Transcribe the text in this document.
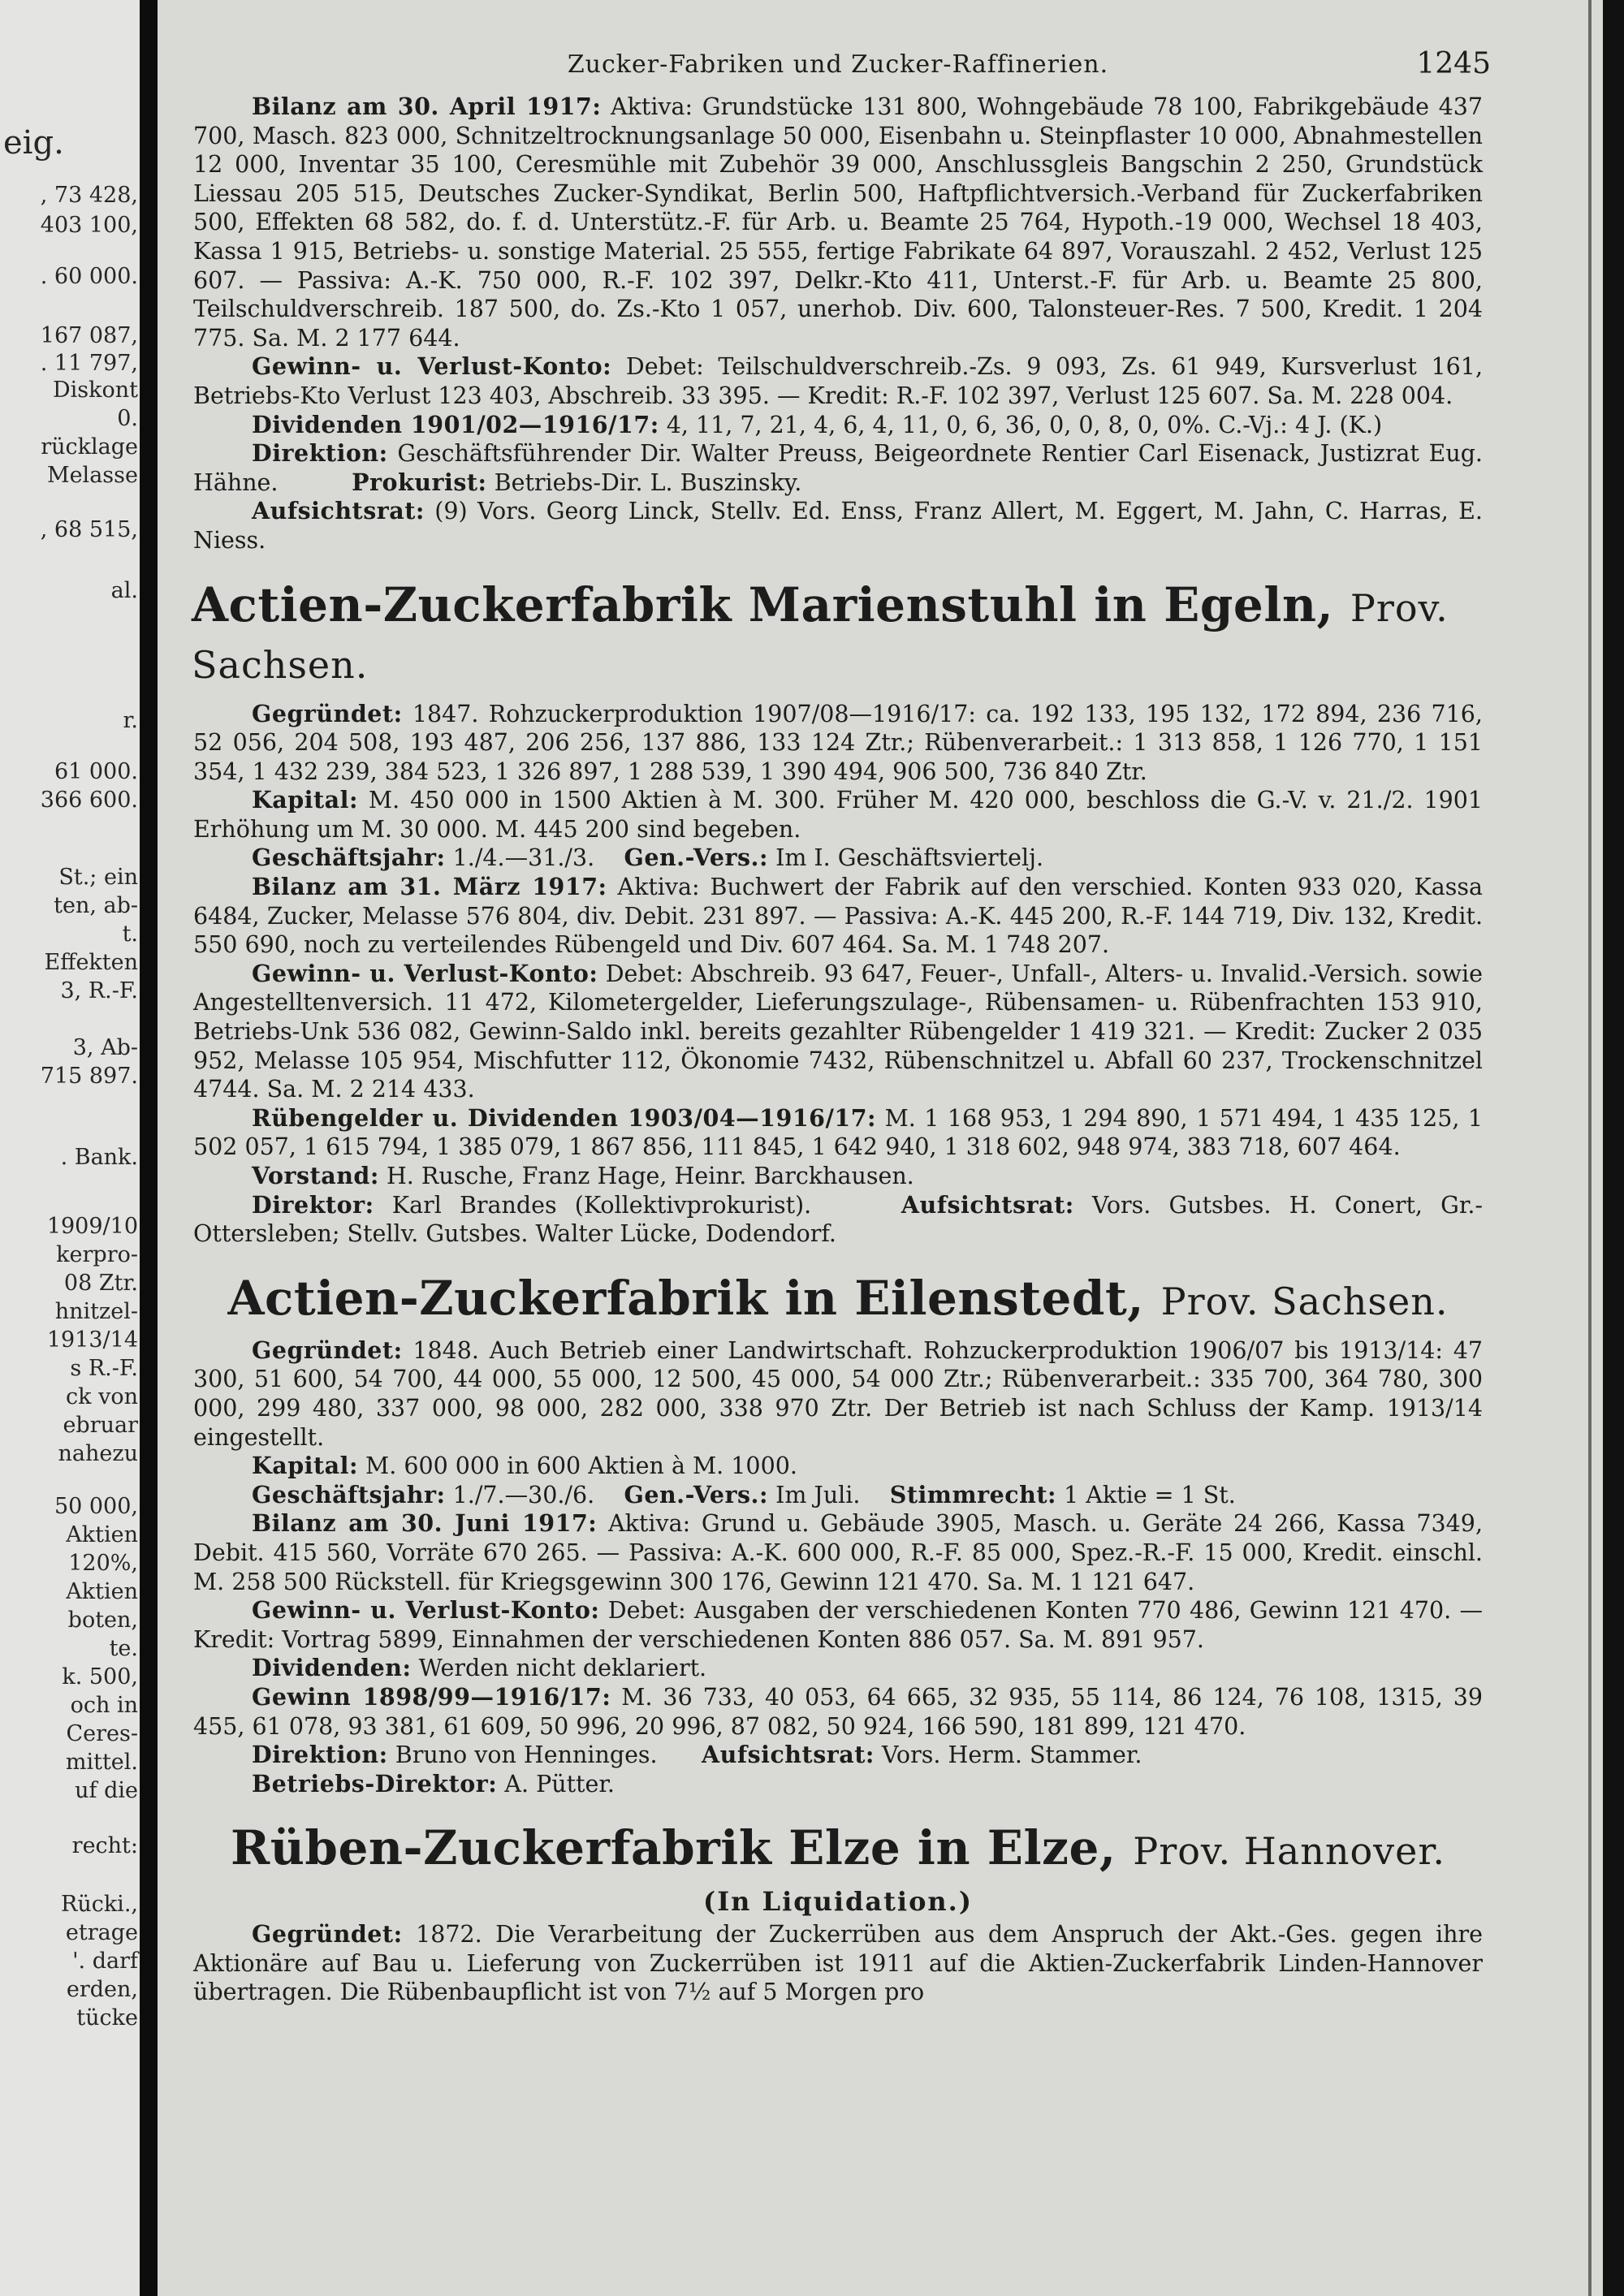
eig.
, 73 428,
403 100,
. 60 000.
167 087,
. 11 797,
Diskont
0.
rücklage
Melasse
, 68 515,
al.
r.
61 000.
366 600.
St.; ein
ten, ab-
t.
Effekten
3, R.-F.
3, Ab-
715 897.
. Bank.
1909/10
kerpro-
08 Ztr.
hnitzel-
1913/14
s R.-F.
ck von
ebruar
nahezu
50 000,
Aktien
120%,
Aktien
boten,
te.
k. 500,
och in
Ceres-
mittel.
uf die
recht:
Rücki.,
etrage
'. darf
erden,
tücke
Zucker-Fabriken und Zucker-Raffinerien.	1245

Bilanz am 30. April 1917: Aktiva: Grundstücke 131 800, Wohngebäude 78 100, Fabrikgebäude 437 700, Masch. 823 000, Schnitzeltrocknungsanlage 50 000, Eisenbahn u. Steinpflaster 10 000, Abnahmestellen 12 000, Inventar 35 100, Ceresmühle mit Zubehör 39 000, Anschlussgleis Bangschin 2 250, Grundstück Liessau 205 515, Deutsches Zucker-Syndikat, Berlin 500, Haftpflichtversich.-Verband für Zuckerfabriken 500, Effekten 68 582, do. f. d. Unterstütz.-F. für Arb. u. Beamte 25 764, Hypoth.-19 000, Wechsel 18 403, Kassa 1 915, Betriebs- u. sonstige Material. 25 555, fertige Fabrikate 64 897, Vorauszahl. 2 452, Verlust 125 607. — Passiva: A.-K. 750 000, R.-F. 102 397, Delkr.-Kto 411, Unterst.-F. für Arb. u. Beamte 25 800, Teilschuldverschreib. 187 500, do. Zs.-Kto 1 057, unerhob. Div. 600, Talonsteuer-Res. 7 500, Kredit. 1 204 775. Sa. M. 2 177 644.

Gewinn- u. Verlust-Konto: Debet: Teilschuldverschreib.-Zs. 9 093, Zs. 61 949, Kursverlust 161, Betriebs-Kto Verlust 123 403, Abschreib. 33 395. — Kredit: R.-F. 102 397, Verlust 125 607. Sa. M. 228 004.

Dividenden 1901/02—1916/17: 4, 11, 7, 21, 4, 6, 4, 11, 0, 6, 36, 0, 0, 8, 0, 0%. C.-Vj.: 4 J. (K.)

Direktion: Geschäftsführender Dir. Walter Preuss, Beigeordnete Rentier Carl Eisenack, Justizrat Eug. Hähne.	Prokurist: Betriebs-Dir. L. Buszinsky.

Aufsichtsrat: (9) Vors. Georg Linck, Stellv. Ed. Enss, Franz Allert, M. Eggert, M. Jahn, C. Harras, E. Niess.

Actien-Zuckerfabrik Marienstuhl in Egeln, Prov. Sachsen.

Gegründet: 1847. Rohzuckerproduktion 1907/08—1916/17: ca. 192 133, 195 132, 172 894, 236 716, 52 056, 204 508, 193 487, 206 256, 137 886, 133 124 Ztr.; Rübenverarbeit.: 1 313 858, 1 126 770, 1 151 354, 1 432 239, 384 523, 1 326 897, 1 288 539, 1 390 494, 906 500, 736 840 Ztr.

Kapital: M. 450 000 in 1500 Aktien à M. 300. Früher M. 420 000, beschloss die G.-V. v. 21./2. 1901 Erhöhung um M. 30 000. M. 445 200 sind begeben.

Geschäftsjahr: 1./4.—31./3. Gen.-Vers.: Im I. Geschäftsviertelj.

Bilanz am 31. März 1917: Aktiva: Buchwert der Fabrik auf den verschied. Konten 933 020, Kassa 6484, Zucker, Melasse 576 804, div. Debit. 231 897. — Passiva: A.-K. 445 200, R.-F. 144 719, Div. 132, Kredit. 550 690, noch zu verteilendes Rübengeld und Div. 607 464. Sa. M. 1 748 207.

Gewinn- u. Verlust-Konto: Debet: Abschreib. 93 647, Feuer-, Unfall-, Alters- u. Invalid.-Versich. sowie Angestelltenversich. 11 472, Kilometergelder, Lieferungszulage-, Rübensamen- u. Rübenfrachten 153 910, Betriebs-Unk 536 082, Gewinn-Saldo inkl. bereits gezahlter Rübengelder 1 419 321. — Kredit: Zucker 2 035 952, Melasse 105 954, Mischfutter 112, Ökonomie 7432, Rübenschnitzel u. Abfall 60 237, Trockenschnitzel 4744. Sa. M. 2 214 433.

Rübengelder u. Dividenden 1903/04—1916/17: M. 1 168 953, 1 294 890, 1 571 494, 1 435 125, 1 502 057, 1 615 794, 1 385 079, 1 867 856, 111 845, 1 642 940, 1 318 602, 948 974, 383 718, 607 464.

Vorstand: H. Rusche, Franz Hage, Heinr. Barckhausen.

Direktor: Karl Brandes (Kollektivprokurist).	Aufsichtsrat: Vors. Gutsbes. H. Conert, Gr.-Ottersleben; Stellv. Gutsbes. Walter Lücke, Dodendorf.

Actien-Zuckerfabrik in Eilenstedt, Prov. Sachsen.

Gegründet: 1848. Auch Betrieb einer Landwirtschaft. Rohzuckerproduktion 1906/07 bis 1913/14: 47 300, 51 600, 54 700, 44 000, 55 000, 12 500, 45 000, 54 000 Ztr.; Rübenverarbeit.: 335 700, 364 780, 300 000, 299 480, 337 000, 98 000, 282 000, 338 970 Ztr. Der Betrieb ist nach Schluss der Kamp. 1913/14 eingestellt.

Kapital: M. 600 000 in 600 Aktien à M. 1000.

Geschäftsjahr: 1./7.—30./6. Gen.-Vers.: Im Juli. Stimmrecht: 1 Aktie = 1 St.

Bilanz am 30. Juni 1917: Aktiva: Grund u. Gebäude 3905, Masch. u. Geräte 24 266, Kassa 7349, Debit. 415 560, Vorräte 670 265. — Passiva: A.-K. 600 000, R.-F. 85 000, Spez.-R.-F. 15 000, Kredit. einschl. M. 258 500 Rückstell. für Kriegsgewinn 300 176, Gewinn 121 470. Sa. M. 1 121 647.

Gewinn- u. Verlust-Konto: Debet: Ausgaben der verschiedenen Konten 770 486, Gewinn 121 470. — Kredit: Vortrag 5899, Einnahmen der verschiedenen Konten 886 057. Sa. M. 891 957.

Dividenden: Werden nicht deklariert.

Gewinn 1898/99—1916/17: M. 36 733, 40 053, 64 665, 32 935, 55 114, 86 124, 76 108, 1315, 39 455, 61 078, 93 381, 61 609, 50 996, 20 996, 87 082, 50 924, 166 590, 181 899, 121 470.

Direktion: Bruno von Henninges. Aufsichtsrat: Vors. Herm. Stammer.

Betriebs-Direktor: A. Pütter.

Rüben-Zuckerfabrik Elze in Elze, Prov. Hannover.
(In Liquidation.)

Gegründet: 1872. Die Verarbeitung der Zuckerrüben aus dem Anspruch der Akt.-Ges. gegen ihre Aktionäre auf Bau u. Lieferung von Zuckerrüben ist 1911 auf die Aktien-Zuckerfabrik Linden-Hannover übertragen. Die Rübenbaupflicht ist von 7½ auf 5 Morgen pro
